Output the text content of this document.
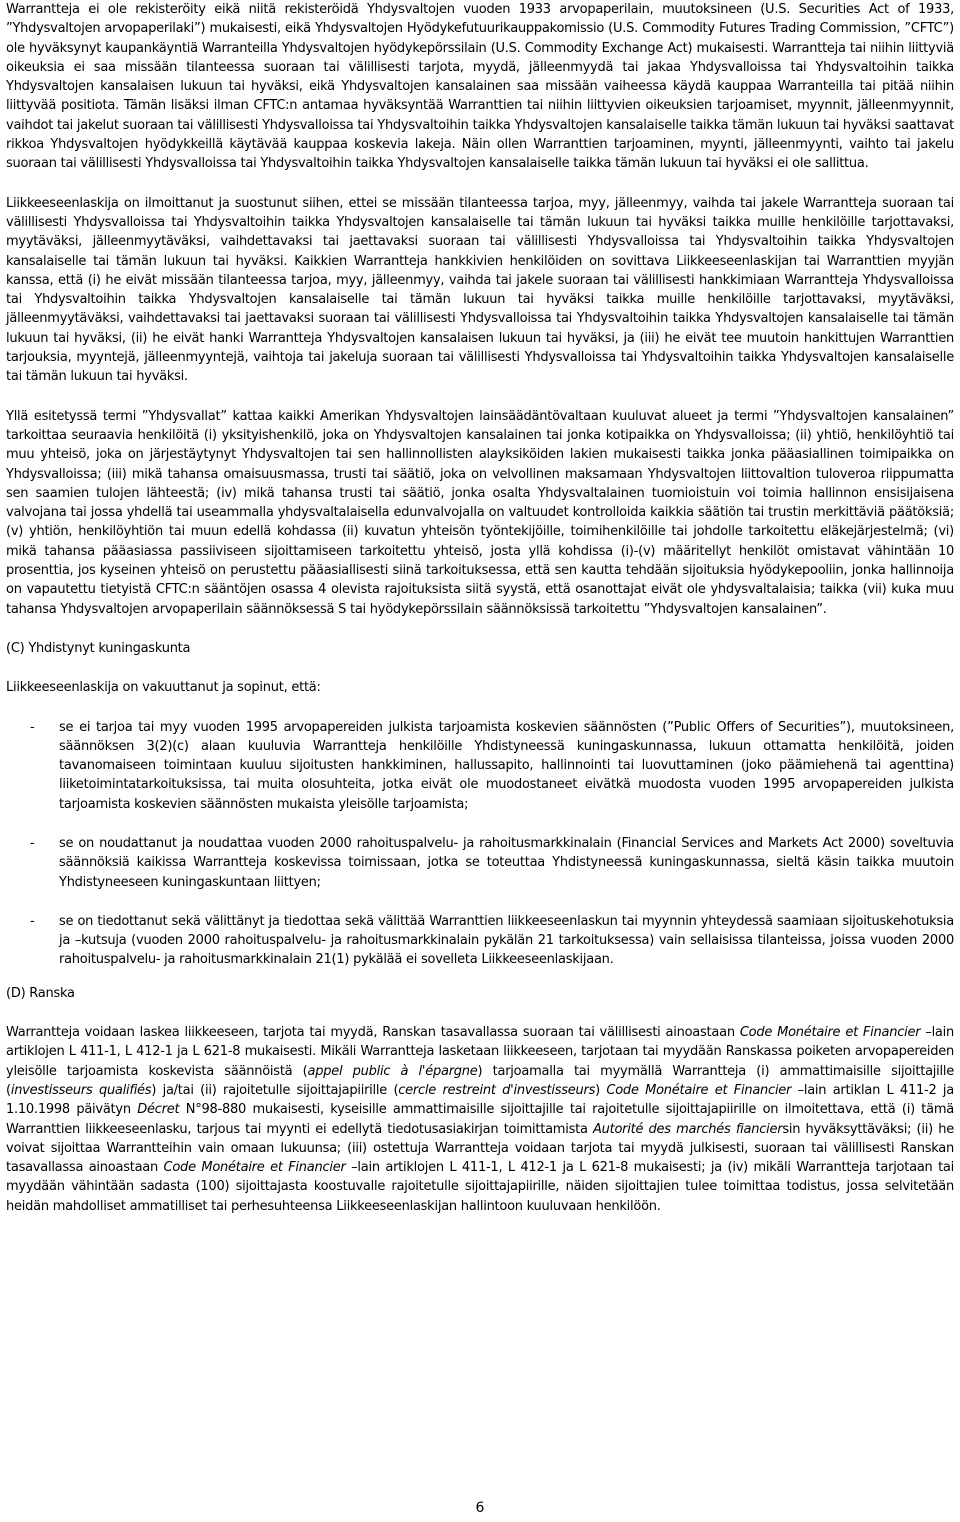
Warrantteja ei ole rekisteröity eikä niitä rekisteröidä Yhdysvaltojen vuoden 1933 arvopaperilain, muutoksineen (U.S. Securities Act of 1933, ”Yhdysvaltojen arvopaperilaki”) mukaisesti, eikä Yhdysvaltojen Hyödykefutuurikauppakomissio (U.S. Commodity Futures Trading Commission, ”CFTC”) ole hyväksynyt kaupankäyntiä Warranteilla Yhdysvaltojen hyödykepörssilain (U.S. Commodity Exchange Act) mukaisesti. Warrantteja tai niihin liittyviä oikeuksia ei saa missään tilanteessa suoraan tai välillisesti tarjota, myydä, jälleenmyydä tai jakaa Yhdysvalloissa tai Yhdysvaltoihin taikka Yhdysvaltojen kansalaisen lukuun tai hyväksi, eikä Yhdysvaltojen kansalainen saa missään vaiheessa käydä kauppaa Warranteilla tai pitää niihin liittyvää positiota. Tämän lisäksi ilman CFTC:n antamaa hyväksyntää Warranttien tai niihin liittyvien oikeuksien tarjoamiset, myynnit, jälleenmyynnit, vaihdot tai jakelut suoraan tai välillisesti Yhdysvalloissa tai Yhdysvaltoihin taikka Yhdysvaltojen kansalaiselle taikka tämän lukuun tai hyväksi saattavat rikkoa Yhdysvaltojen hyödykkeillä käytävää kauppaa koskevia lakeja. Näin ollen Warranttien tarjoaminen, myynti, jälleenmyynti, vaihto tai jakelu suoraan tai välillisesti Yhdysvalloissa tai Yhdysvaltoihin taikka Yhdysvaltojen kansalaiselle taikka tämän lukuun tai hyväksi ei ole sallittua.

Liikkeeseenlaskija on ilmoittanut ja suostunut siihen, ettei se missään tilanteessa tarjoa, myy, jälleenmyy, vaihda tai jakele Warrantteja suoraan tai välillisesti Yhdysvalloissa tai Yhdysvaltoihin taikka Yhdysvaltojen kansalaiselle tai tämän lukuun tai hyväksi taikka muille henkilöille tarjottavaksi, myytäväksi, jälleenmyytäväksi, vaihdettavaksi tai jaettavaksi suoraan tai välillisesti Yhdysvalloissa tai Yhdysvaltoihin taikka Yhdysvaltojen kansalaiselle tai tämän lukuun tai hyväksi. Kaikkien Warrantteja hankkivien henkilöiden on sovittava Liikkeeseenlaskijan tai Warranttien myyjän kanssa, että (i) he eivät missään tilanteessa tarjoa, myy, jälleenmyy, vaihda tai jakele suoraan tai välillisesti hankkimiaan Warrantteja Yhdysvalloissa tai Yhdysvaltoihin taikka Yhdysvaltojen kansalaiselle tai tämän lukuun tai hyväksi taikka muille henkilöille tarjottavaksi, myytäväksi, jälleenmyytäväksi, vaihdettavaksi tai jaettavaksi suoraan tai välillisesti Yhdysvalloissa tai Yhdysvaltoihin taikka Yhdysvaltojen kansalaiselle tai tämän lukuun tai hyväksi, (ii) he eivät hanki Warrantteja Yhdysvaltojen kansalaisen lukuun tai hyväksi, ja (iii) he eivät tee muutoin hankittujen Warranttien tarjouksia, myyntejä, jälleenmyyntejä, vaihtoja tai jakeluja suoraan tai välillisesti Yhdysvalloissa tai Yhdysvaltoihin taikka Yhdysvaltojen kansalaiselle tai tämän lukuun tai hyväksi.

Yllä esitetyssä termi ”Yhdysvallat” kattaa kaikki Amerikan Yhdysvaltojen lainsäädäntövaltaan kuuluvat alueet ja termi ”Yhdysvaltojen kansalainen” tarkoittaa seuraavia henkilöitä (i) yksityishenkilö, joka on Yhdysvaltojen kansalainen tai jonka kotipaikka on Yhdysvalloissa; (ii) yhtiö, henkilöyhtiö tai muu yhteisö, joka on järjestäytynyt Yhdysvaltojen tai sen hallinnollisten alayksiköiden lakien mukaisesti taikka jonka pääasiallinen toimipaikka on Yhdysvalloissa; (iii) mikä tahansa omaisuusmassa, trusti tai säätiö, joka on velvollinen maksamaan Yhdysvaltojen liittovaltion tuloveroa riippumatta sen saamien tulojen lähteestä; (iv) mikä tahansa trusti tai säätiö, jonka osalta Yhdysvaltalainen tuomioistuin voi toimia hallinnon ensisijaisena valvojana tai jossa yhdellä tai useammalla yhdysvaltalaisella edunvalvojalla on valtuudet kontrolloida kaikkia säätiön tai trustin merkittäviä päätöksiä; (v) yhtiön, henkilöyhtiön tai muun edellä kohdassa (ii) kuvatun yhteisön työntekijöille, toimihenkilöille tai johdolle tarkoitettu eläkejärjestelmä; (vi) mikä tahansa pääasiassa passiiviseen sijoittamiseen tarkoitettu yhteisö, josta yllä kohdissa (i)-(v) määritellyt henkilöt omistavat vähintään 10 prosenttia, jos kyseinen yhteisö on perustettu pääasiallisesti siinä tarkoituksessa, että sen kautta tehdään sijoituksia hyödykepooliin, jonka hallinnoija on vapautettu tietyistä CFTC:n sääntöjen osassa 4 olevista rajoituksista siitä syystä, että osanottajat eivät ole yhdysvaltalaisia; taikka (vii) kuka muu tahansa Yhdysvaltojen arvopaperilain säännöksessä S tai hyödykepörssilain säännöksissä tarkoitettu ”Yhdysvaltojen kansalainen”.

(C) Yhdistynyt kuningaskunta

Liikkeeseenlaskija on vakuuttanut ja sopinut, että:

- se ei tarjoa tai myy vuoden 1995 arvopapereiden julkista tarjoamista koskevien säännösten (”Public Offers of Securities”), muutoksineen, säännöksen 3(2)(c) alaan kuuluvia Warrantteja henkilöille Yhdistyneessä kuningaskunnassa, lukuun ottamatta henkilöitä, joiden tavanomaiseen toimintaan kuuluu sijoitusten hankkiminen, hallussapito, hallinnointi tai luovuttaminen (joko päämiehenä tai agenttina) liiketoimintatarkoituksissa, tai muita olosuhteita, jotka eivät ole muodostaneet eivätkä muodosta vuoden 1995 arvopapereiden julkista tarjoamista koskevien säännösten mukaista yleisölle tarjoamista;

- se on noudattanut ja noudattaa vuoden 2000 rahoituspalvelu- ja rahoitusmarkkinalain (Financial Services and Markets Act 2000) soveltuvia säännöksiä kaikissa Warrantteja koskevissa toimissaan, jotka se toteuttaa Yhdistyneessä kuningaskunnassa, sieltä käsin taikka muutoin Yhdistyneeseen kuningaskuntaan liittyen;

- se on tiedottanut sekä välittänyt ja tiedottaa sekä välittää Warranttien liikkeeseenlaskun tai myynnin yhteydessä saamiaan sijoituskehotuksia ja –kutsuja (vuoden 2000 rahoituspalvelu- ja rahoitusmarkkinalain pykälän 21 tarkoituksessa) vain sellaisissa tilanteissa, joissa vuoden 2000 rahoituspalvelu- ja rahoitusmarkkinalain 21(1) pykälää ei sovelleta Liikkeeseenlaskijaan.

(D) Ranska

Warrantteja voidaan laskea liikkeeseen, tarjota tai myydä, Ranskan tasavallassa suoraan tai välillisesti ainoastaan Code Monétaire et Financier –lain artiklojen L 411-1, L 412-1 ja L 621-8 mukaisesti. Mikäli Warrantteja lasketaan liikkeeseen, tarjotaan tai myydään Ranskassa poiketen arvopapereiden yleisölle tarjoamista koskevista säännöistä (appel public à l'épargne) tarjoamalla tai myymällä Warrantteja (i) ammattimaisille sijoittajille (investisseurs qualifiés) ja/tai (ii) rajoitetulle sijoittajapiirille (cercle restreint d'investisseurs) Code Monétaire et Financier –lain artiklan L 411-2 ja 1.10.1998 päivätyn Décret N°98-880 mukaisesti, kyseisille ammattimaisille sijoittajille tai rajoitetulle sijoittajapiirille on ilmoitettava, että (i) tämä Warranttien liikkeeseenlasku, tarjous tai myynti ei edellytä tiedotusasiakirjan toimittamista Autorité des marchés fianciersin hyväksyttäväksi; (ii) he voivat sijoittaa Warrantteihin vain omaan lukuunsa; (iii) ostettuja Warrantteja voidaan tarjota tai myydä julkisesti, suoraan tai välillisesti Ranskan tasavallassa ainoastaan Code Monétaire et Financier –lain artiklojen L 411-1, L 412-1 ja L 621-8 mukaisesti; ja (iv) mikäli Warrantteja tarjotaan tai myydään vähintään sadasta (100) sijoittajasta koostuvalle rajoitetulle sijoittajapiirille, näiden sijoittajien tulee toimittaa todistus, jossa selvitetään heidän mahdolliset ammatilliset tai perhesuhteensa Liikkeeseenlaskijan hallintoon kuuluvaan henkilöön.

6
